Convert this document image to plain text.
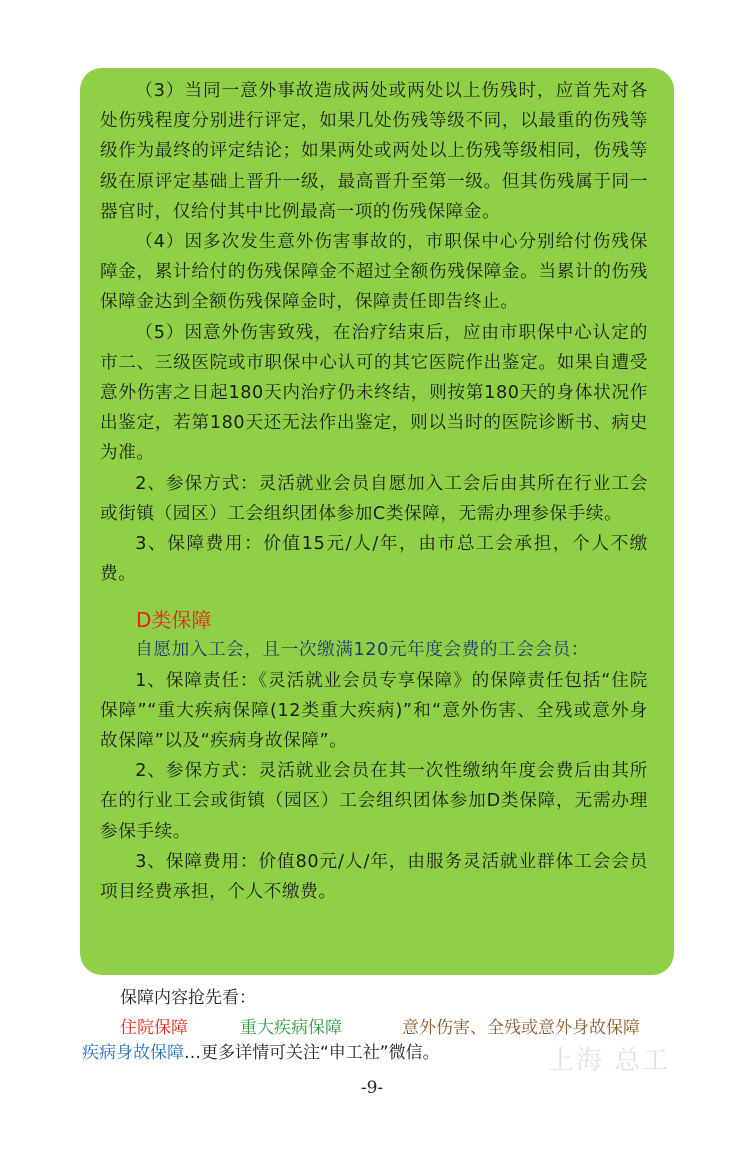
（3）当同一意外事故造成两处或两处以上伤残时，应首先对各处伤残程度分别进行评定，如果几处伤残等级不同，以最重的伤残等级作为最终的评定结论；如果两处或两处以上伤残等级相同，伤残等级在原评定基础上晋升一级，最高晋升至第一级。但其伤残属于同一器官时，仅给付其中比例最高一项的伤残保障金。

（4）因多次发生意外伤害事故的，市职保中心分别给付伤残保障金，累计给付的伤残保障金不超过全额伤残保障金。当累计的伤残保障金达到全额伤残保障金时，保障责任即告终止。

（5）因意外伤害致残，在治疗结束后，应由市职保中心认定的市二、三级医院或市职保中心认可的其它医院作出鉴定。如果自遭受意外伤害之日起180天内治疗仍未终结，则按第180天的身体状况作出鉴定，若第180天还无法作出鉴定，则以当时的医院诊断书、病史为准。

2、参保方式：灵活就业会员自愿加入工会后由其所在行业工会或街镇（园区）工会组织团体参加C类保障，无需办理参保手续。

3、保障费用：价值15元/人/年，由市总工会承担，个人不缴费。

D类保障

自愿加入工会，且一次缴满120元年度会费的工会会员：

1、保障责任：《灵活就业会员专享保障》的保障责任包括“住院保障”“重大疾病保障(12类重大疾病)”和“意外伤害、全残或意外身故保障”以及“疾病身故保障”。

2、参保方式：灵活就业会员在其一次性缴纳年度会费后由其所在的行业工会或街镇（园区）工会组织团体参加D类保障，无需办理参保手续。

3、保障费用：价值80元/人/年，由服务灵活就业群体工会会员项目经费承担，个人不缴费。

保障内容抢先看：
住院保障	重大疾病保障	意外伤害、全残或意外身故保障
疾病身故保障…更多详情可关注“申工社”微信。	上海 总工
-9-
